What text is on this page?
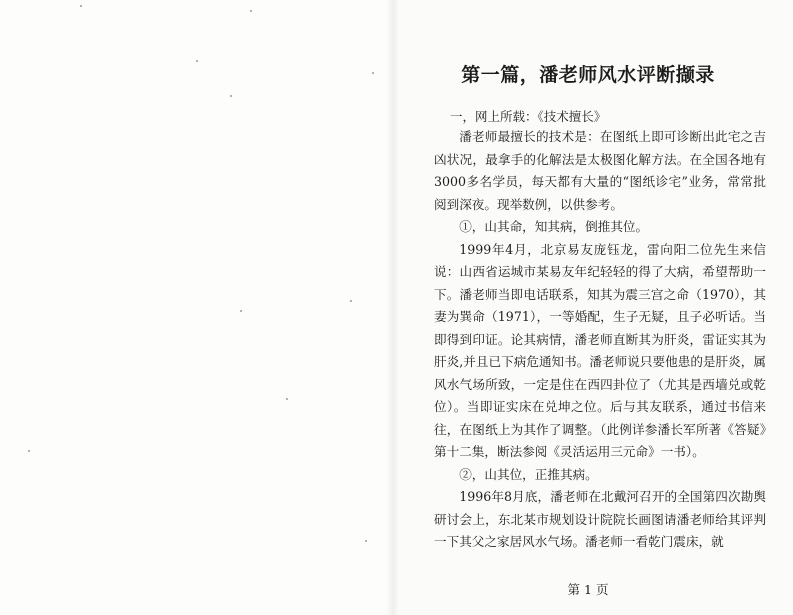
第一篇，潘老师风水评断撷录
一，网上所载：《技术擅长》

潘老师最擅长的技术是：在图纸上即可诊断出此宅之吉凶状况，最拿手的化解法是太极图化解方法。在全国各地有3000多名学员，每天都有大量的“图纸诊宅”业务，常常批阅到深夜。现举数例，以供参考。

①，山其命，知其病，倒推其位。

1999年4月，北京易友庞钰龙，雷向阳二位先生来信说：山西省运城市某易友年纪轻轻的得了大病，希望帮助一下。潘老师当即电话联系，知其为震三宫之命（1970），其妻为巽命（1971），一等婚配，生子无疑，且子必听话。当即得到印证。论其病情，潘老师直断其为肝炎，雷证实其为肝炎,并且已下病危通知书。潘老师说只要他患的是肝炎，属风水气场所致，一定是住在西四卦位了（尤其是西墙兑或乾位）。当即证实床在兑坤之位。后与其友联系，通过书信来往，在图纸上为其作了调整。（此例详参潘长军所著《答疑》第十二集，断法参阅《灵活运用三元命》一书）。

②，山其位，正推其病。

1996年8月底，潘老师在北戴河召开的全国第四次勘舆研讨会上，东北某市规划设计院院长画图请潘老师给其评判一下其父之家居风水气场。潘老师一看乾门震床，就

第 1 页
